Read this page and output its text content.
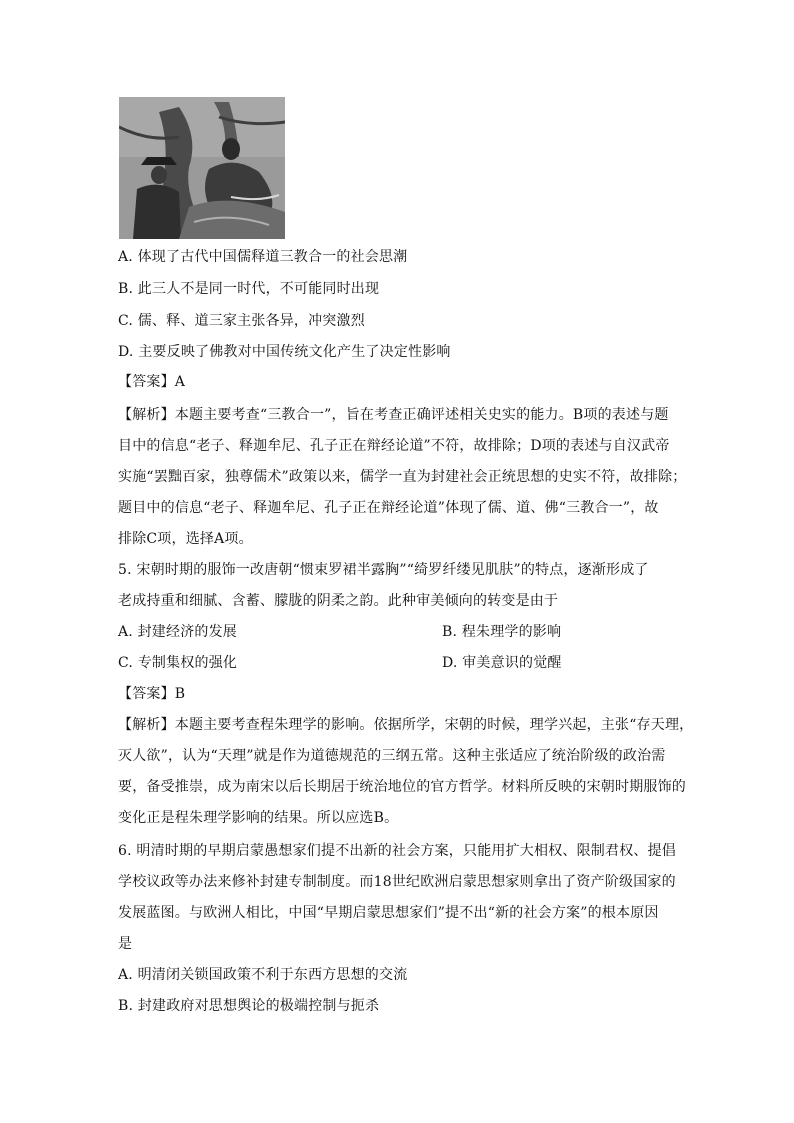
A. 体现了古代中国儒释道三教合一的社会思潮
B. 此三人不是同一时代，不可能同时出现
C. 儒、释、道三家主张各异，冲突激烈
D. 主要反映了佛教对中国传统文化产生了决定性影响
【答案】A
【解析】本题主要考查“三教合一”，旨在考查正确评述相关史实的能力。B项的表述与题
目中的信息“老子、释迦牟尼、孔子正在辩经论道”不符，故排除；D项的表述与自汉武帝
实施“罢黜百家，独尊儒术”政策以来，儒学一直为封建社会正统思想的史实不符，故排除；
题目中的信息“老子、释迦牟尼、孔子正在辩经论道”体现了儒、道、佛“三教合一”，故
排除C项，选择A项。
5. 宋朝时期的服饰一改唐朝“惯束罗裙半露胸”“绮罗纤缕见肌肤”的特点，逐渐形成了
老成持重和细腻、含蓄、朦胧的阴柔之韵。此种审美倾向的转变是由于
A. 封建经济的发展	B. 程朱理学的影响
C. 专制集权的强化	D. 审美意识的觉醒
【答案】B
【解析】本题主要考查程朱理学的影响。依据所学，宋朝的时候，理学兴起，主张“存天理，
灭人欲”，认为“天理”就是作为道德规范的三纲五常。这种主张适应了统治阶级的政治需
要，备受推崇，成为南宋以后长期居于统治地位的官方哲学。材料所反映的宋朝时期服饰的
变化正是程朱理学影响的结果。所以应选B。
6. 明清时期的早期启蒙愚想家们提不出新的社会方案，只能用扩大相权、限制君权、提倡
学校议政等办法来修补封建专制制度。而18世纪欧洲启蒙思想家则拿出了资产阶级国家的
发展蓝图。与欧洲人相比，中国“早期启蒙思想家们”提不出“新的社会方案”的根本原因
是
A. 明清闭关锁国政策不利于东西方思想的交流
B. 封建政府对思想舆论的极端控制与扼杀
